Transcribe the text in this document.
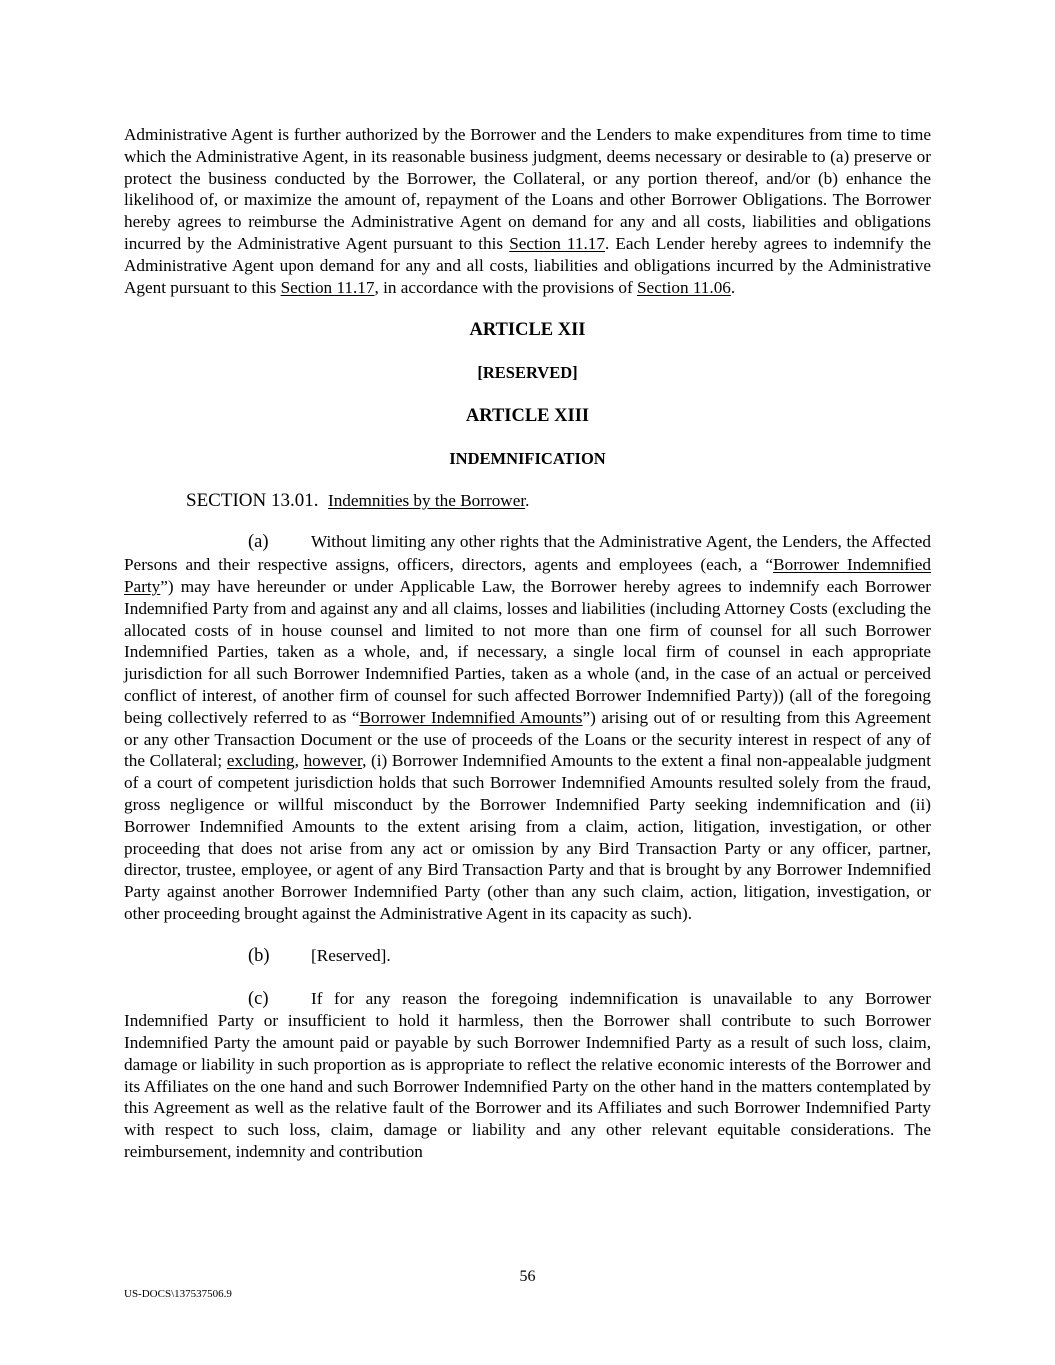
Administrative Agent is further authorized by the Borrower and the Lenders to make expenditures from time to time which the Administrative Agent, in its reasonable business judgment, deems necessary or desirable to (a) preserve or protect the business conducted by the Borrower, the Collateral, or any portion thereof, and/or (b) enhance the likelihood of, or maximize the amount of, repayment of the Loans and other Borrower Obligations. The Borrower hereby agrees to reimburse the Administrative Agent on demand for any and all costs, liabilities and obligations incurred by the Administrative Agent pursuant to this Section 11.17. Each Lender hereby agrees to indemnify the Administrative Agent upon demand for any and all costs, liabilities and obligations incurred by the Administrative Agent pursuant to this Section 11.17, in accordance with the provisions of Section 11.06.

ARTICLE XII

[RESERVED]

ARTICLE XIII

INDEMNIFICATION

SECTION 13.01. Indemnities by the Borrower.

(a) Without limiting any other rights that the Administrative Agent, the Lenders, the Affected Persons and their respective assigns, officers, directors, agents and employees (each, a “Borrower Indemnified Party”) may have hereunder or under Applicable Law, the Borrower hereby agrees to indemnify each Borrower Indemnified Party from and against any and all claims, losses and liabilities (including Attorney Costs (excluding the allocated costs of in house counsel and limited to not more than one firm of counsel for all such Borrower Indemnified Parties, taken as a whole, and, if necessary, a single local firm of counsel in each appropriate jurisdiction for all such Borrower Indemnified Parties, taken as a whole (and, in the case of an actual or perceived conflict of interest, of another firm of counsel for such affected Borrower Indemnified Party)) (all of the foregoing being collectively referred to as “Borrower Indemnified Amounts”) arising out of or resulting from this Agreement or any other Transaction Document or the use of proceeds of the Loans or the security interest in respect of any of the Collateral; excluding, however, (i) Borrower Indemnified Amounts to the extent a final non-appealable judgment of a court of competent jurisdiction holds that such Borrower Indemnified Amounts resulted solely from the fraud, gross negligence or willful misconduct by the Borrower Indemnified Party seeking indemnification and (ii) Borrower Indemnified Amounts to the extent arising from a claim, action, litigation, investigation, or other proceeding that does not arise from any act or omission by any Bird Transaction Party or any officer, partner, director, trustee, employee, or agent of any Bird Transaction Party and that is brought by any Borrower Indemnified Party against another Borrower Indemnified Party (other than any such claim, action, litigation, investigation, or other proceeding brought against the Administrative Agent in its capacity as such).

(b) [Reserved].

(c) If for any reason the foregoing indemnification is unavailable to any Borrower Indemnified Party or insufficient to hold it harmless, then the Borrower shall contribute to such Borrower Indemnified Party the amount paid or payable by such Borrower Indemnified Party as a result of such loss, claim, damage or liability in such proportion as is appropriate to reflect the relative economic interests of the Borrower and its Affiliates on the one hand and such Borrower Indemnified Party on the other hand in the matters contemplated by this Agreement as well as the relative fault of the Borrower and its Affiliates and such Borrower Indemnified Party with respect to such loss, claim, damage or liability and any other relevant equitable considerations. The reimbursement, indemnity and contribution

56
US-DOCS\137537506.9
